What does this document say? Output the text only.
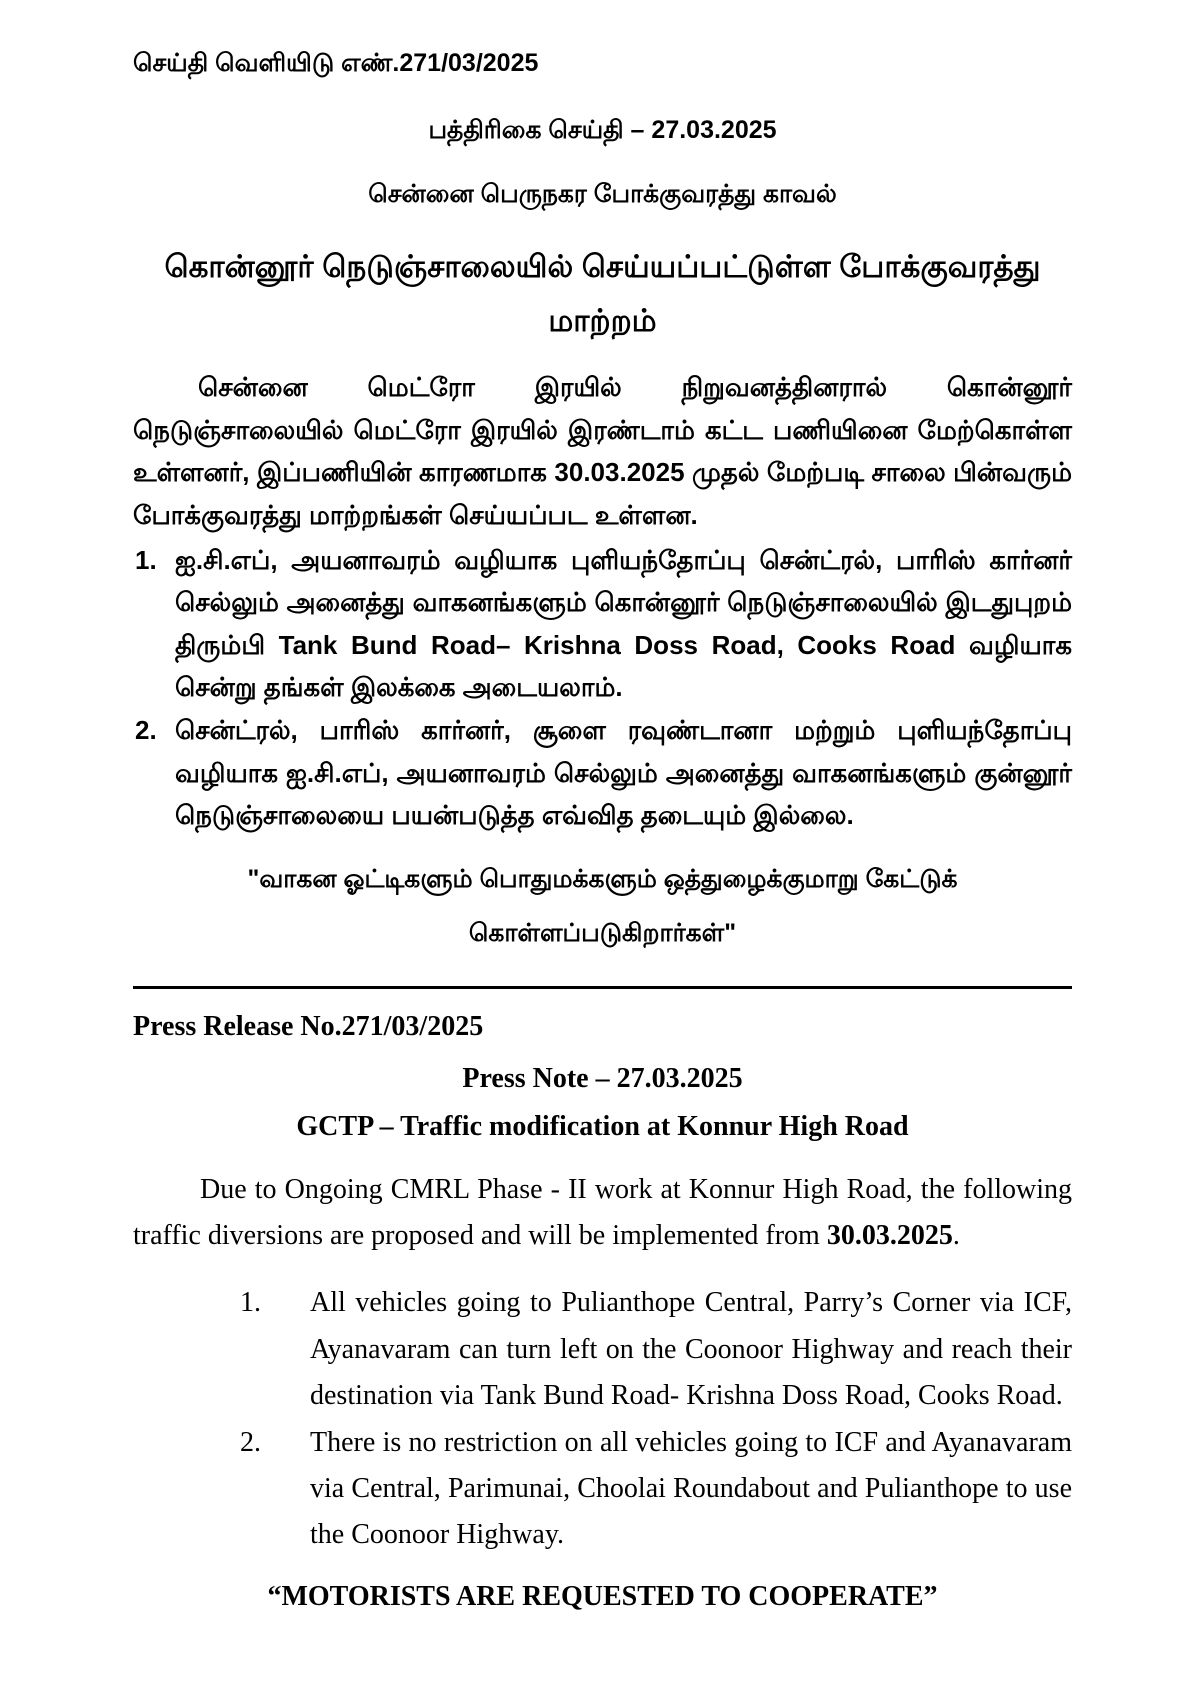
செய்தி வெளியிடு எண்.271/03/2025
பத்திரிகை செய்தி – 27.03.2025
சென்னை பெருநகர போக்குவரத்து காவல்
கொன்னூர் நெடுஞ்சாலையில் செய்யப்பட்டுள்ள போக்குவரத்து
மாற்றம்

சென்னை மெட்ரோ இரயில் நிறுவனத்தினரால் கொன்னூர் நெடுஞ்சாலையில் மெட்ரோ இரயில் இரண்டாம் கட்ட பணியினை மேற்கொள்ள உள்ளனர், இப்பணியின் காரணமாக 30.03.2025 முதல் மேற்படி சாலை பின்வரும் போக்குவரத்து மாற்றங்கள் செய்யப்பட உள்ளன.

1. ஐ.சி.எப், அயனாவரம் வழியாக புளியந்தோப்பு சென்ட்ரல், பாரிஸ் கார்னர் செல்லும் அனைத்து வாகனங்களும் கொன்னூர் நெடுஞ்சாலையில் இடதுபுறம் திரும்பி Tank Bund Road– Krishna Doss Road, Cooks Road வழியாக சென்று தங்கள் இலக்கை அடையலாம்.
2. சென்ட்ரல், பாரிஸ் கார்னர், சூளை ரவுண்டானா மற்றும் புளியந்தோப்பு வழியாக ஐ.சி.எப், அயனாவரம் செல்லும் அனைத்து வாகனங்களும் குன்னூர் நெடுஞ்சாலையை பயன்படுத்த எவ்வித தடையும் இல்லை.
"வாகன ஓட்டிகளும் பொதுமக்களும் ஒத்துழைக்குமாறு கேட்டுக்
கொள்ளப்படுகிறார்கள்"
Press Release No.271/03/2025
Press Note – 27.03.2025
GCTP – Traffic modification at Konnur High Road

Due to Ongoing CMRL Phase - II work at Konnur High Road, the following traffic diversions are proposed and will be implemented from 30.03.2025.

1. All vehicles going to Pulianthope Central, Parry’s Corner via ICF, Ayanavaram can turn left on the Coonoor Highway and reach their destination via Tank Bund Road- Krishna Doss Road, Cooks Road.
2. There is no restriction on all vehicles going to ICF and Ayanavaram via Central, Parimunai, Choolai Roundabout and Pulianthope to use the Coonoor Highway.
“MOTORISTS ARE REQUESTED TO COOPERATE”
